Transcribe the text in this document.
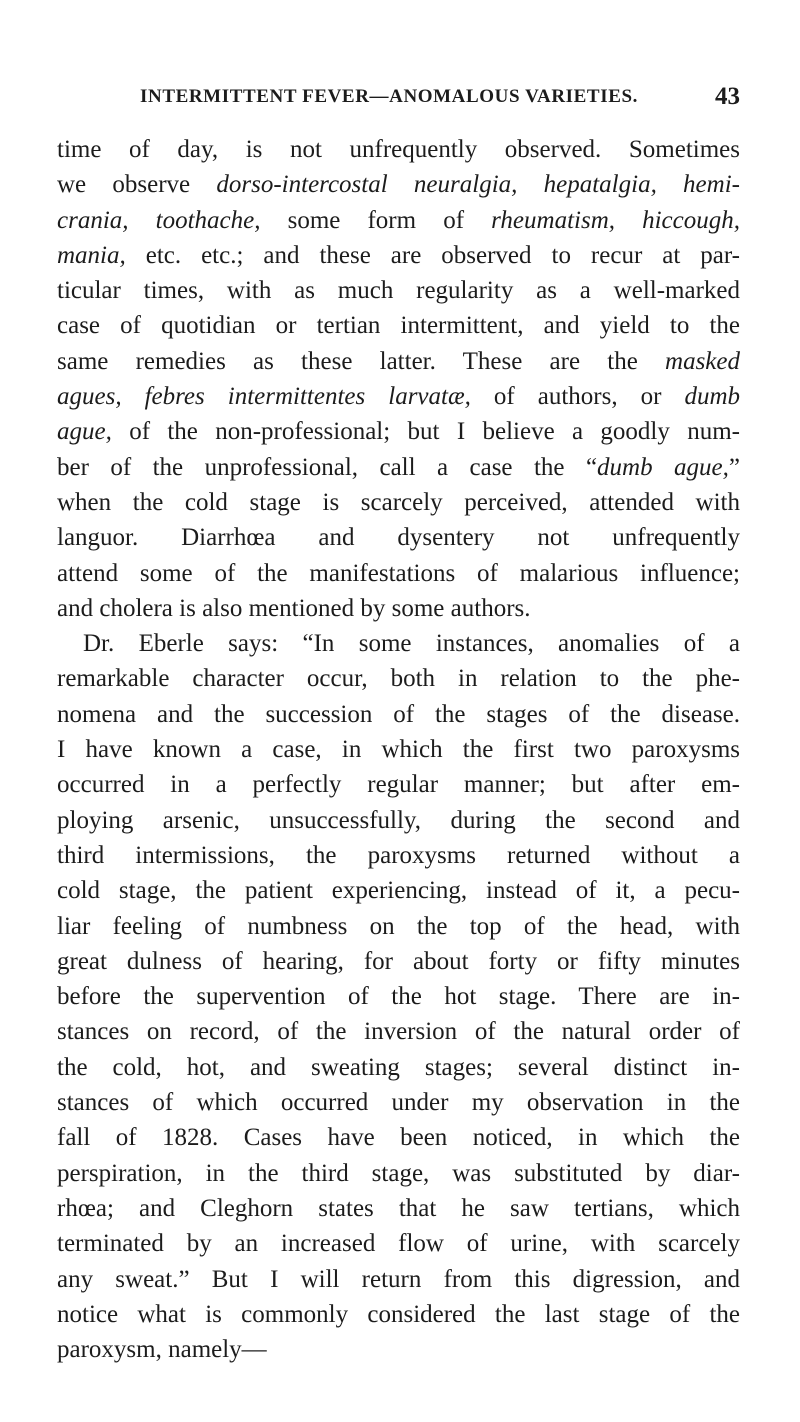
INTERMITTENT FEVER—ANOMALOUS VARIETIES.	43
time of day, is not unfrequently observed. Sometimes
we observe dorso-intercostal neuralgia, hepatalgia, hemi-
crania, toothache, some form of rheumatism, hiccough,
mania, etc. etc.; and these are observed to recur at par-
ticular times, with as much regularity as a well-marked
case of quotidian or tertian intermittent, and yield to the
same remedies as these latter. These are the masked
agues, febres intermittentes larvatæ, of authors, or dumb
ague, of the non-professional; but I believe a goodly num-
ber of the unprofessional, call a case the “dumb ague,”
when the cold stage is scarcely perceived, attended with
languor. Diarrhœa and dysentery not unfrequently
attend some of the manifestations of malarious influence;
and cholera is also mentioned by some authors.
Dr. Eberle says: “In some instances, anomalies of a
remarkable character occur, both in relation to the phe-
nomena and the succession of the stages of the disease.
I have known a case, in which the first two paroxysms
occurred in a perfectly regular manner; but after em-
ploying arsenic, unsuccessfully, during the second and
third intermissions, the paroxysms returned without a
cold stage, the patient experiencing, instead of it, a pecu-
liar feeling of numbness on the top of the head, with
great dulness of hearing, for about forty or fifty minutes
before the supervention of the hot stage. There are in-
stances on record, of the inversion of the natural order of
the cold, hot, and sweating stages; several distinct in-
stances of which occurred under my observation in the
fall of 1828. Cases have been noticed, in which the
perspiration, in the third stage, was substituted by diar-
rhœa; and Cleghorn states that he saw tertians, which
terminated by an increased flow of urine, with scarcely
any sweat.” But I will return from this digression, and
notice what is commonly considered the last stage of the
paroxysm, namely—
